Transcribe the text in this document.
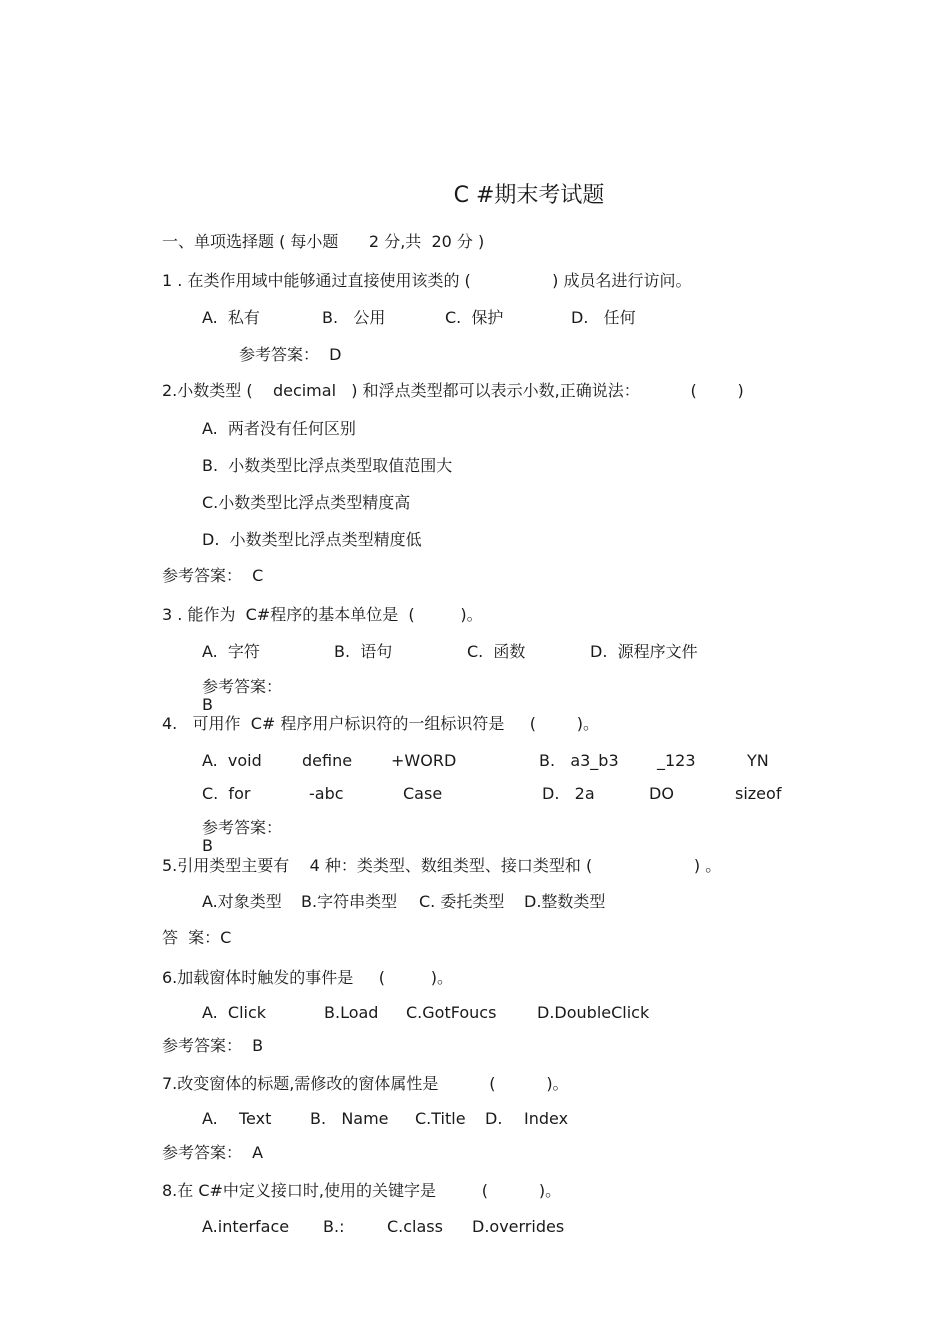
C #期末考试题
一、单项选择题 ( 每小题      2 分,共  20 分 )
1 . 在类作用域中能够通过直接使用该类的 (                ) 成员名进行访问。
A.  私有	B.   公用	C.  保护	D.   任何
参考答案：  D
2.小数类型 (    decimal   ) 和浮点类型都可以表示小数,正确说法：          (        )
A.  两者没有任何区别
B.  小数类型比浮点类型取值范围大
C.小数类型比浮点类型精度高
D.  小数类型比浮点类型精度低
参考答案：  C
3 . 能作为  C#程序的基本单位是  (         )。
A.  字符	B.  语句	C.  函数	D.  源程序文件
参考答案：
B
4.   可用作  C# 程序用户标识符的一组标识符是     (        )。
A.  void	define +WORD	B.   a3_b3 _123	YN
C.  for	-abc	Case	D.   2a	DO	sizeof
参考答案：
B
5.引用类型主要有    4 种：类类型、数组类型、接口类型和 (                    ) 。
A.对象类型 B.字符串类型 C. 委托类型 D.整数类型
答  案：C
6.加载窗体时触发的事件是     (         )。
A.  Click	B.Load C.GotFoucs	D.DoubleClick
参考答案：  B
7.改变窗体的标题,需修改的窗体属性是          (          )。
A. Text B.   Name C.Title D. Index
参考答案：  A
8.在 C#中定义接口时,使用的关键字是         (          )。
A.interface B.:	C.class D.overrides
